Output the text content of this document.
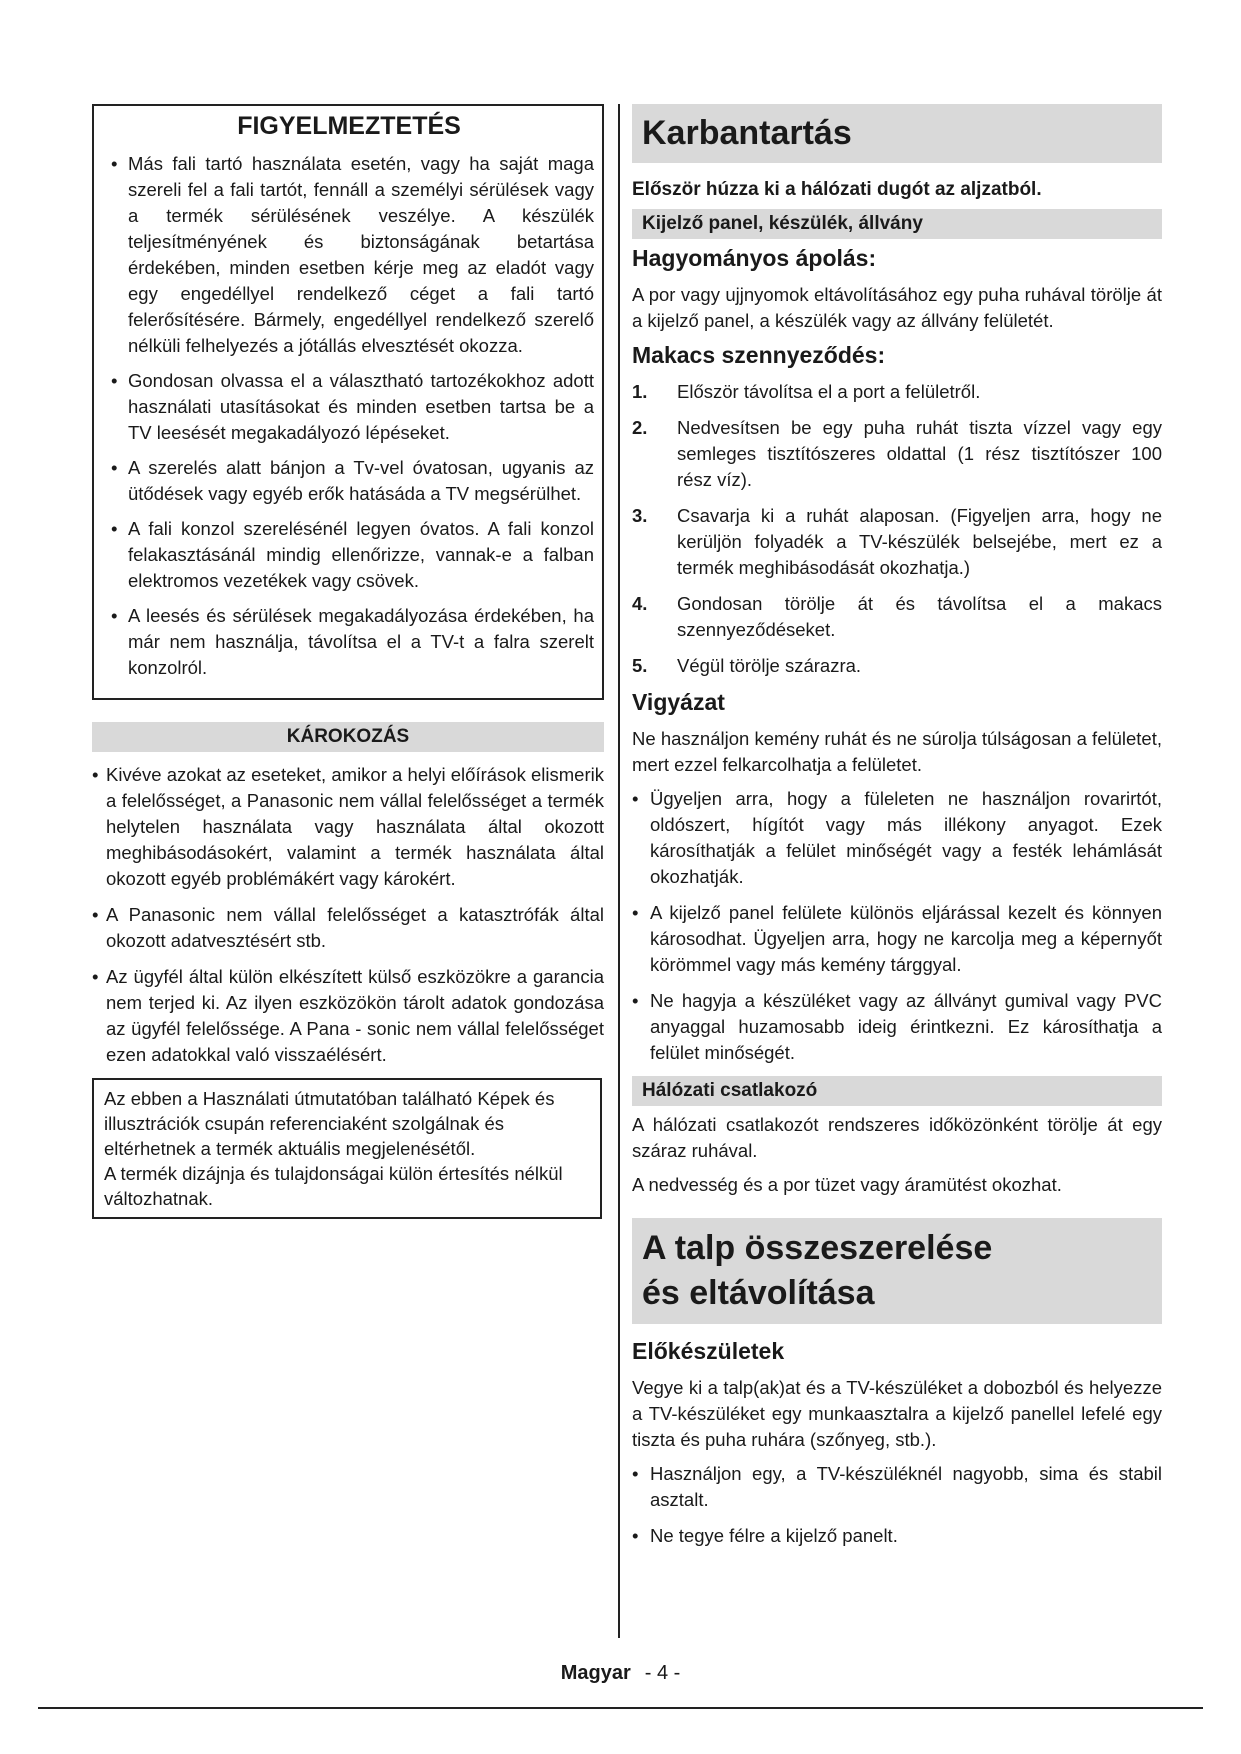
FIGYELMEZTETÉS
• Más fali tartó használata esetén, vagy ha saját maga szereli fel a fali tartót, fennáll a személyi sérülések vagy a termék sérülésének veszélye. A készülék teljesítményének és biztonságának betartása érdekében, minden esetben kérje meg az eladót vagy egy engedéllyel rendelkező céget a fali tartó felerősítésére. Bármely, engedéllyel rendelkező szerelő nélküli felhelyezés a jótállás elvesztését okozza.
• Gondosan olvassa el a választható tartozékokhoz adott használati utasításokat és minden esetben tartsa be a TV leesését megakadályozó lépéseket.
• A szerelés alatt bánjon a Tv-vel óvatosan, ugyanis az ütődések vagy egyéb erők hatásáda a TV megsérülhet.
• A fali konzol szerelésénél legyen óvatos. A fali konzol felakasztásánál mindig ellenőrizze, vannak-e a falban elektromos vezetékek vagy csövek.
• A leesés és sérülések megakadályozása érdekében, ha már nem használja, távolítsa el a TV-t a falra szerelt konzolról.
KÁROKOZÁS
• Kivéve azokat az eseteket, amikor a helyi előírások elismerik a felelősséget, a Panasonic nem vállal felelősséget a termék helytelen használata vagy használata által okozott meghibásodásokért, valamint a termék használata által okozott egyéb problémákért vagy károkért.
• A Panasonic nem vállal felelősséget a katasztrófák által okozott adatvesztésért stb.
• Az ügyfél által külön elkészített külső eszközökre a garancia nem terjed ki. Az ilyen eszközökön tárolt adatok gondozása az ügyfél felelőssége. A Pana - sonic nem vállal felelősséget ezen adatokkal való visszaélésért.
Az ebben a Használati útmutatóban található Képek és illusztrációk csupán referenciaként szolgálnak és eltérhetnek a termék aktuális megjelenésétől.
A termék dizájnja és tulajdonságai külön értesítés nélkül változhatnak.
Karbantartás
Először húzza ki a hálózati dugót az aljzatból.
Kijelző panel, készülék, állvány
Hagyományos ápolás:
A por vagy ujjnyomok eltávolításához egy puha ruhával törölje át a kijelző panel, a készülék vagy az állvány felületét.
Makacs szennyeződés:
1. Először távolítsa el a port a felületről.
2. Nedvesítsen be egy puha ruhát tiszta vízzel vagy egy semleges tisztítószeres oldattal (1 rész tisztítószer 100 rész víz).
3. Csavarja ki a ruhát alaposan. (Figyeljen arra, hogy ne kerüljön folyadék a TV-készülék belsejébe, mert ez a termék meghibásodását okozhatja.)
4. Gondosan törölje át és távolítsa el a makacs szennyeződéseket.
5. Végül törölje szárazra.
Vigyázat
Ne használjon kemény ruhát és ne súrolja túlságosan a felületet, mert ezzel felkarcolhatja a felületet.
• Ügyeljen arra, hogy a füleleten ne használjon rovarirtót, oldószert, hígítót vagy más illékony anyagot. Ezek károsíthatják a felület minőségét vagy a festék lehámlását okozhatják.
• A kijelző panel felülete különös eljárással kezelt és könnyen károsodhat. Ügyeljen arra, hogy ne karcolja meg a képernyőt körömmel vagy más kemény tárggyal.
• Ne hagyja a készüléket vagy az állványt gumival vagy PVC anyaggal huzamosabb ideig érintkezni. Ez károsíthatja a felület minőségét.
Hálózati csatlakozó
A hálózati csatlakozót rendszeres időközönként törölje át egy száraz ruhával.
A nedvesség és a por tüzet vagy áramütést okozhat.
A talp összeszerelése
és eltávolítása
Előkészületek
Vegye ki a talp(ak)at és a TV-készüléket a dobozból és helyezze a TV-készüléket egy munkaasztalra a kijelző panellel lefelé egy tiszta és puha ruhára (szőnyeg, stb.).
• Használjon egy, a TV-készüléknél nagyobb, sima és stabil asztalt.
• Ne tegye félre a kijelző panelt.
Magyar - 4 -
